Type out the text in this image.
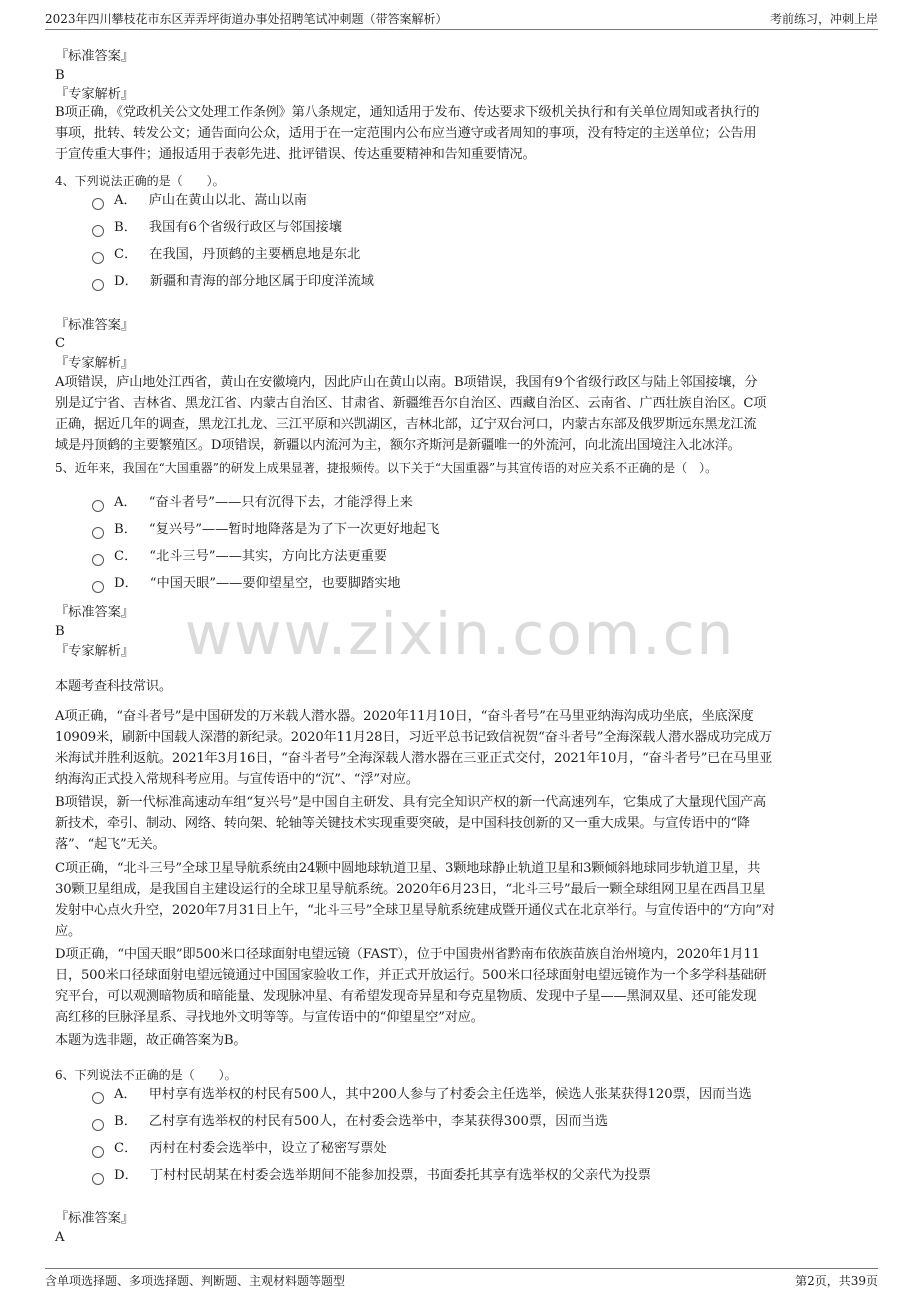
2023年四川攀枝花市东区弄弄坪街道办事处招聘笔试冲刺题（带答案解析）	考前练习，冲刺上岸
www.zixin.com.cn
『标准答案』
B
『专家解析』
B项正确，《党政机关公文处理工作条例》第八条规定，通知适用于发布、传达要求下级机关执行和有关单位周知或者执行的
事项，批转、转发公文；通告面向公众，适用于在一定范围内公布应当遵守或者周知的事项，没有特定的主送单位；公告用
于宣传重大事件；通报适用于表彰先进、批评错误、传达重要精神和告知重要情况。
4、下列说法正确的是（　　）。
A． 庐山在黄山以北、嵩山以南
B． 我国有6个省级行政区与邻国接壤
C． 在我国，丹顶鹤的主要栖息地是东北
D． 新疆和青海的部分地区属于印度洋流域
『标准答案』
C
『专家解析』
A项错误，庐山地处江西省，黄山在安徽境内，因此庐山在黄山以南。B项错误，我国有9个省级行政区与陆上邻国接壤，分
别是辽宁省、吉林省、黑龙江省、内蒙古自治区、甘肃省、新疆维吾尔自治区、西藏自治区、云南省、广西壮族自治区。C项
正确，据近几年的调查，黑龙江扎龙、三江平原和兴凯湖区，吉林北部，辽宁双台河口，内蒙古东部及俄罗斯远东黑龙江流
域是丹顶鹤的主要繁殖区。D项错误，新疆以内流河为主，额尔齐斯河是新疆唯一的外流河，向北流出国境注入北冰洋。
5、近年来，我国在“大国重器”的研发上成果显著，捷报频传。以下关于“大国重器”与其宣传语的对应关系不正确的是（　）。
A． “奋斗者号”——只有沉得下去，才能浮得上来
B． “复兴号”——暂时地降落是为了下一次更好地起飞
C． “北斗三号”——其实，方向比方法更重要
D． “中国天眼”——要仰望星空，也要脚踏实地
『标准答案』
B
『专家解析』
本题考查科技常识。
A项正确，“奋斗者号”是中国研发的万米载人潜水器。2020年11月10日，“奋斗者号”在马里亚纳海沟成功坐底，坐底深度
10909米，刷新中国载人深潜的新纪录。2020年11月28日，习近平总书记致信祝贺“奋斗者号”全海深载人潜水器成功完成万
米海试并胜利返航。2021年3月16日，“奋斗者号”全海深载人潜水器在三亚正式交付，2021年10月，“奋斗者号”已在马里亚
纳海沟正式投入常规科考应用。与宣传语中的“沉”、“浮”对应。
B项错误，新一代标准高速动车组“复兴号”是中国自主研发、具有完全知识产权的新一代高速列车，它集成了大量现代国产高
新技术，牵引、制动、网络、转向架、轮轴等关键技术实现重要突破，是中国科技创新的又一重大成果。与宣传语中的“降
落”、“起飞”无关。
C项正确，“北斗三号”全球卫星导航系统由24颗中圆地球轨道卫星、3颗地球静止轨道卫星和3颗倾斜地球同步轨道卫星，共
30颗卫星组成，是我国自主建设运行的全球卫星导航系统。2020年6月23日，“北斗三号”最后一颗全球组网卫星在西昌卫星
发射中心点火升空，2020年7月31日上午，“北斗三号”全球卫星导航系统建成暨开通仪式在北京举行。与宣传语中的“方向”对
应。
D项正确，“中国天眼”即500米口径球面射电望远镜（FAST），位于中国贵州省黔南布依族苗族自治州境内，2020年1月11
日，500米口径球面射电望远镜通过中国国家验收工作，并正式开放运行。500米口径球面射电望远镜作为一个多学科基础研
究平台，可以观测暗物质和暗能量、发现脉冲星、有希望发现奇异星和夸克星物质、发现中子星——黑洞双星、还可能发现
高红移的巨脉泽星系、寻找地外文明等等。与宣传语中的“仰望星空”对应。
本题为选非题，故正确答案为B。
6、下列说法不正确的是（　　）。
A． 甲村享有选举权的村民有500人，其中200人参与了村委会主任选举，候选人张某获得120票，因而当选
B． 乙村享有选举权的村民有500人，在村委会选举中，李某获得300票，因而当选
C． 丙村在村委会选举中，设立了秘密写票处
D． 丁村村民胡某在村委会选举期间不能参加投票，书面委托其享有选举权的父亲代为投票
『标准答案』
A
含单项选择题、多项选择题、判断题、主观材料题等题型	第2页，共39页
